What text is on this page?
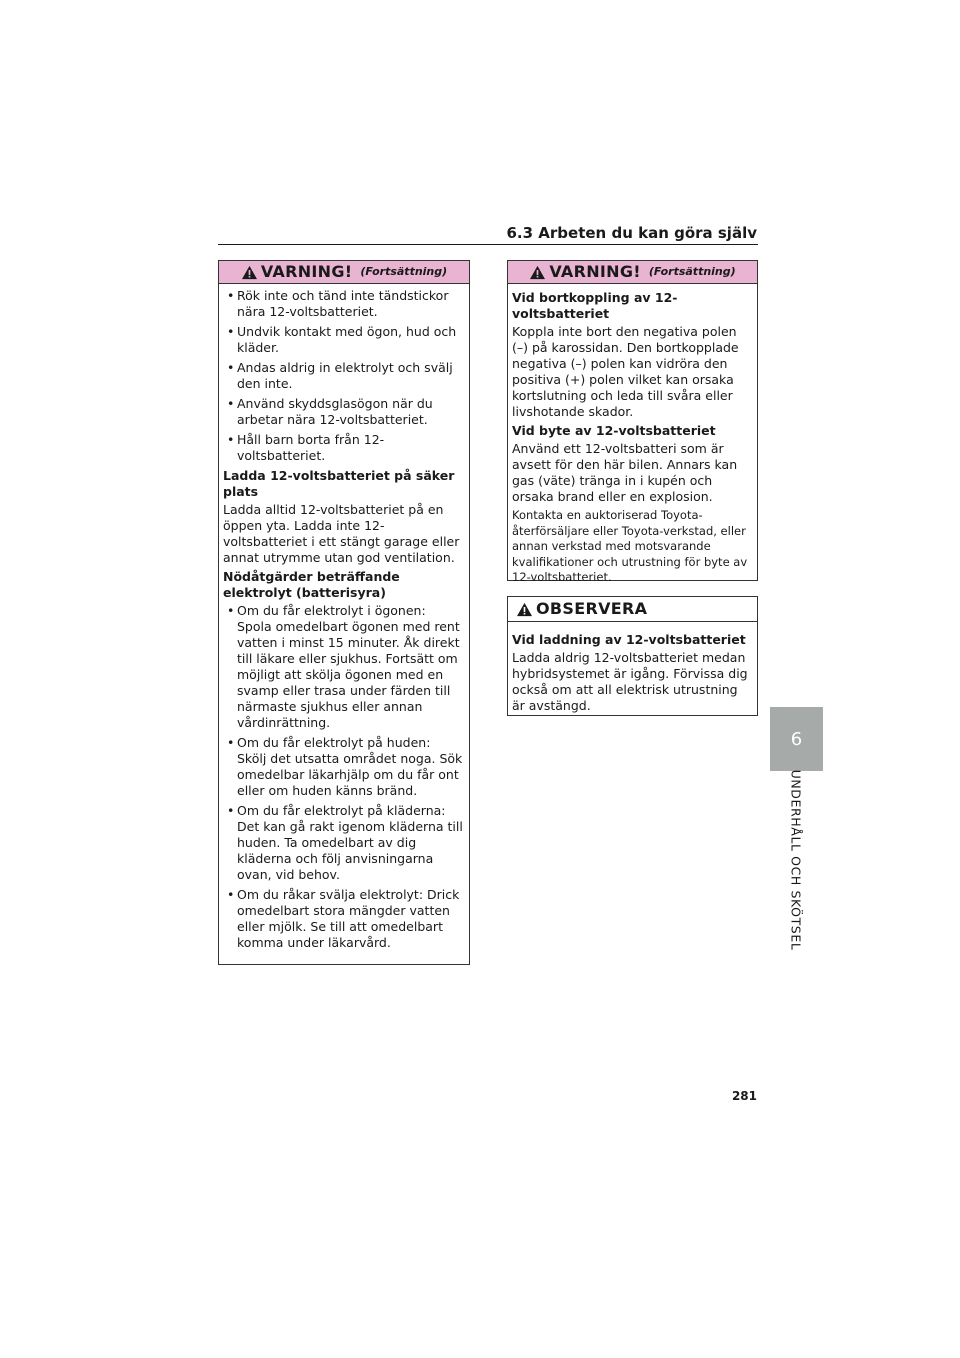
6.3 Arbeten du kan göra själv
VARNING! (Fortsättning)
• Rök inte och tänd inte tändstickor nära 12-voltsbatteriet.
• Undvik kontakt med ögon, hud och kläder.
• Andas aldrig in elektrolyt och svälj den inte.
• Använd skyddsglasögon när du arbetar nära 12-voltsbatteriet.
• Håll barn borta från 12-voltsbatteriet.
Ladda 12-voltsbatteriet på säker plats
Ladda alltid 12-voltsbatteriet på en öppen yta. Ladda inte 12-voltsbatteriet i ett stängt garage eller annat utrymme utan god ventilation.
Nödåtgärder beträffande elektrolyt (batterisyra)
• Om du får elektrolyt i ögonen: Spola omedelbart ögonen med rent vatten i minst 15 minuter. Åk direkt till läkare eller sjukhus. Fortsätt om möjligt att skölja ögonen med en svamp eller trasa under färden till närmaste sjukhus eller annan vårdinrättning.
• Om du får elektrolyt på huden: Skölj det utsatta området noga. Sök omedelbar läkarhjälp om du får ont eller om huden känns bränd.
• Om du får elektrolyt på kläderna: Det kan gå rakt igenom kläderna till huden. Ta omedelbart av dig kläderna och följ anvisningarna ovan, vid behov.
• Om du råkar svälja elektrolyt: Drick omedelbart stora mängder vatten eller mjölk. Se till att omedelbart komma under läkarvård.
VARNING! (Fortsättning)
Vid bortkoppling av 12-voltsbatteriet
Koppla inte bort den negativa polen (–) på karossidan. Den bortkopplade negativa (–) polen kan vidröra den positiva (+) polen vilket kan orsaka kortslutning och leda till svåra eller livshotande skador.
Vid byte av 12-voltsbatteriet
Använd ett 12-voltsbatteri som är avsett för den här bilen. Annars kan gas (väte) tränga in i kupén och orsaka brand eller en explosion.
Kontakta en auktoriserad Toyota-återförsäljare eller Toyota-verkstad, eller annan verkstad med motsvarande kvalifikationer och utrustning för byte av 12-voltsbatteriet.
OBSERVERA
Vid laddning av 12-voltsbatteriet
Ladda aldrig 12-voltsbatteriet medan hybridsystemet är igång. Förvissa dig också om att all elektrisk utrustning är avstängd.
6
UNDERHÅLL OCH SKÖTSEL
281
